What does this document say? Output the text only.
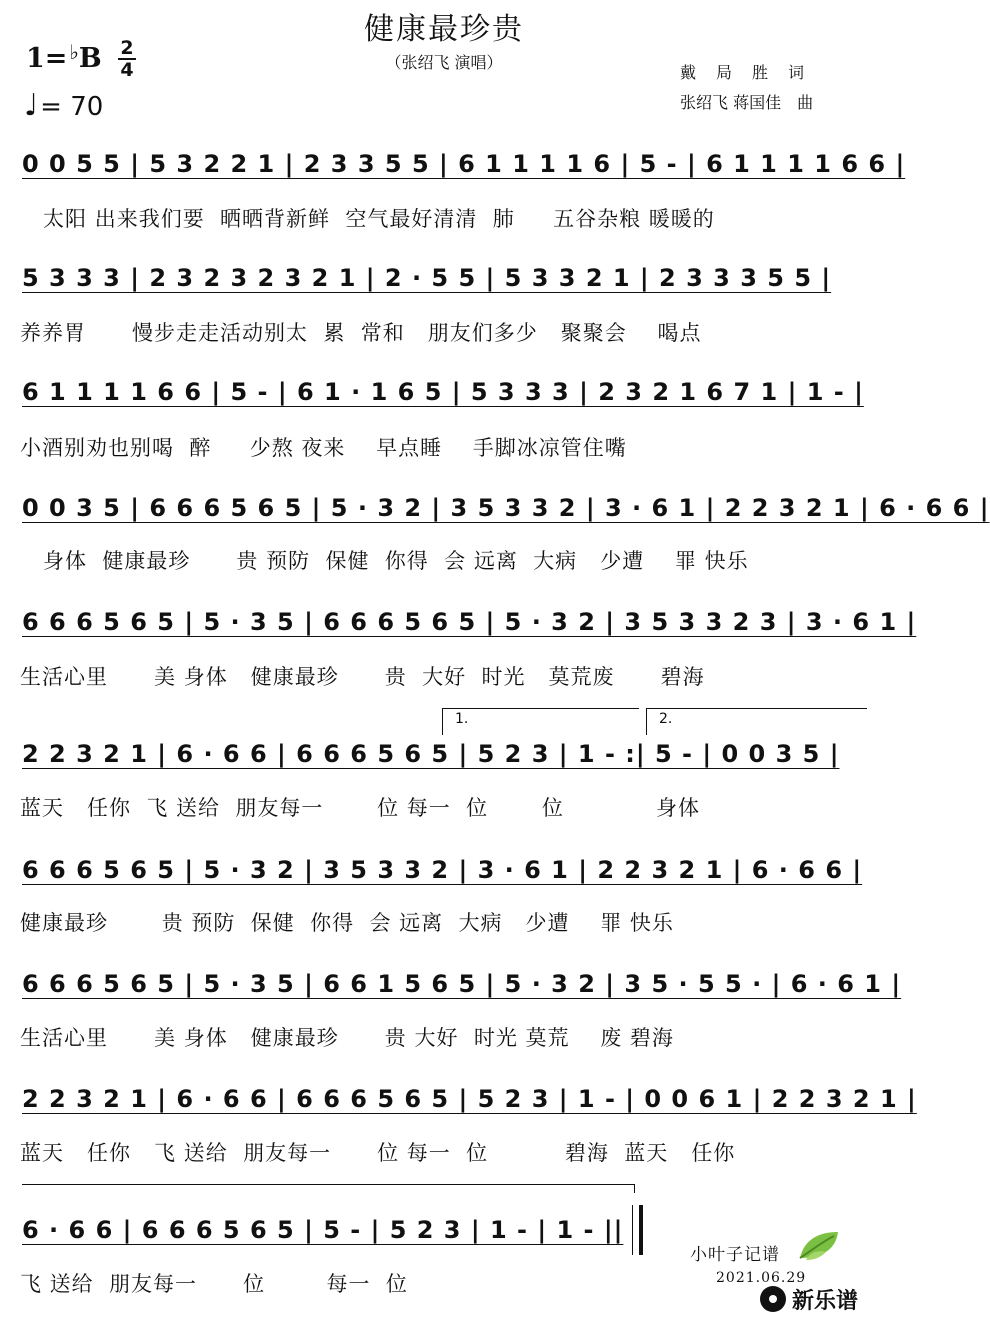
健康最珍贵
（张绍飞 演唱）
1= ♭B 2
4
♩= 70
戴　局　胜　词
张绍飞 蒋国佳　曲
0 0 5 5 | 5 3 2 2 1 | 2 3 3 5 5 | 6 1 1 1 1 6 | 5 - | 6 1 1 1 1 6 6 |
太阳 出来我们要  晒晒背新鲜  空气最好清清  肺     五谷杂粮 暖暖的
5 3 3 3 | 2 3 2 3 2 3 2 1 | 2 · 5 5 | 5 3 3 2 1 | 2 3 3 3 5 5 |
养养胃      慢步走走活动别太  累  常和   朋友们多少   聚聚会    喝点
6 1 1 1 1 6 6 | 5 - | 6 1 · 1 6 5 | 5 3 3 3 | 2 3 2 1 6 7 1 | 1 - |
小酒别劝也别喝  醉     少熬 夜来    早点睡    手脚冰凉管住嘴
0 0 3 5 | 6 6 6 5 6 5 | 5 · 3 2 | 3 5 3 3 2 | 3 · 6 1 | 2 2 3 2 1 | 6 · 6 6 |
身体  健康最珍      贵 预防  保健  你得  会 远离  大病   少遭    罪 快乐
6 6 6 5 6 5 | 5 · 3 5 | 6 6 6 5 6 5 | 5 · 3 2 | 3 5 3 3 2 3 | 3 · 6 1 |
生活心里      美 身体   健康最珍      贵  大好  时光   莫荒废      碧海
1.	2.
2 2 3 2 1 | 6 · 6 6 | 6 6 6 5 6 5 | 5 2 3 | 1 - :| 5 - | 0 0 3 5 |
蓝天   任你  飞 送给  朋友每一       位 每一  位       位            身体
6 6 6 5 6 5 | 5 · 3 2 | 3 5 3 3 2 | 3 · 6 1 | 2 2 3 2 1 | 6 · 6 6 |
健康最珍       贵 预防  保健  你得  会 远离  大病   少遭    罪 快乐
6 6 6 5 6 5 | 5 · 3 5 | 6 6 1 5 6 5 | 5 · 3 2 | 3 5 · 5 5 · | 6 · 6 1 |
生活心里      美 身体   健康最珍      贵 大好  时光 莫荒    废 碧海
2 2 3 2 1 | 6 · 6 6 | 6 6 6 5 6 5 | 5 2 3 | 1 - | 0 0 6 1 | 2 2 3 2 1 |
蓝天   任你   飞 送给  朋友每一      位 每一  位          碧海  蓝天   任你
6 · 6 6 | 6 6 6 5 6 5 | 5 - | 5 2 3 | 1 - | 1 - ||
飞 送给  朋友每一      位        每一  位
小叶子记谱
2021.06.29
新乐谱
